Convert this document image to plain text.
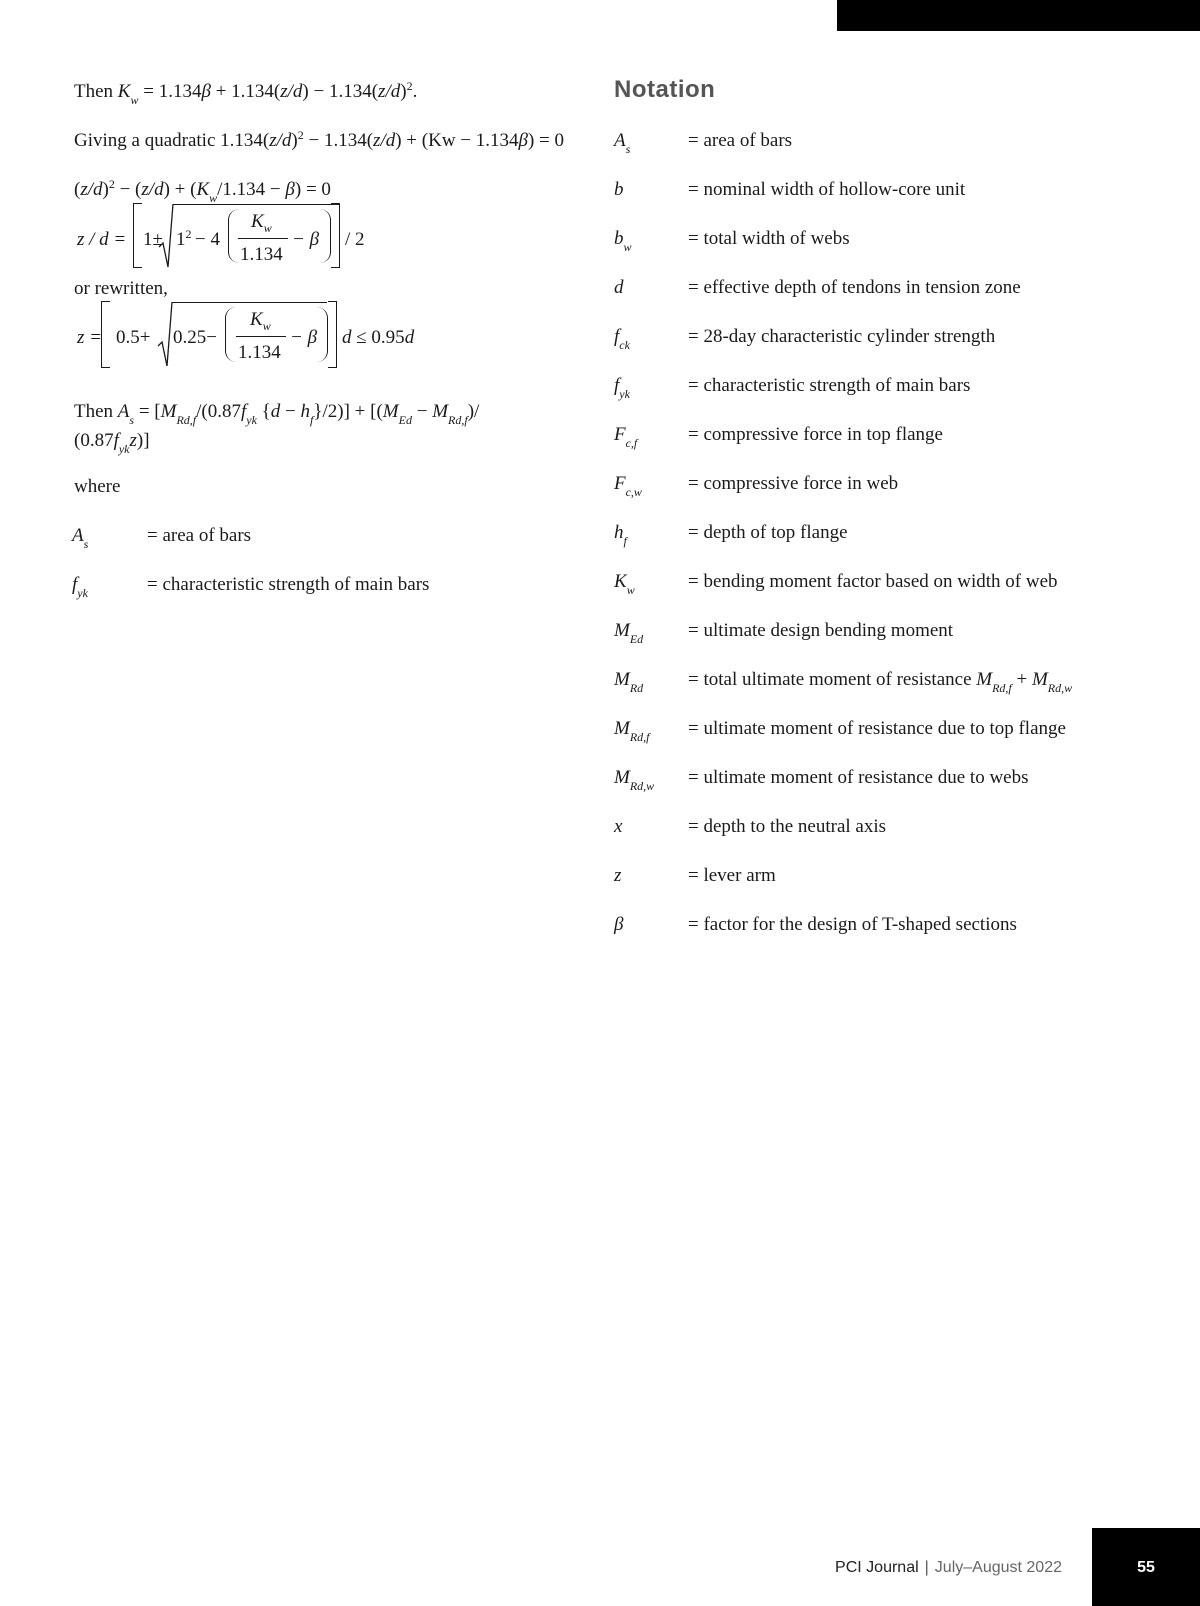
Then $K_w = 1.134\beta + 1.134(z/d) - 1.134(z/d)^2$.
Giving a quadratic $1.134(z/d)^2 - 1.134(z/d) + (Kw - 1.134\beta) = 0$
$(z/d)^2 - (z/d) + (K_w/1.134 - \beta) = 0$
$z / d = 1\pm 1^2 - 4$
$K_w$
1.134
− β / 2
or rewritten,
z = 0.5+ 0.25−
$K_w$
1.134
− β d ≤ 0.95d
Then $A_s = [M_{Rd,f}/(0.87f_{yk}$ $\{d - h_f\}/2)] + [(M_{Ed} - M_{Rd,f})/$
$(0.87f_{yk}z)$]
where
$A_s$	= area of bars
$f_{yk}$	= characteristic strength of main bars
Notation
$A_s$	= area of bars
b	= nominal width of hollow-core unit
$b_w$	= total width of webs
d	= effective depth of tendons in tension zone
$f_{ck}$	= 28-day characteristic cylinder strength
$f_{yk}$	= characteristic strength of main bars
$F_{c,f}$	= compressive force in top flange
$F_{c,w}$ = compressive force in web
$h_f$	= depth of top flange
$K_w$	= bending moment factor based on width of web
$M_{Ed}$ = ultimate design bending moment
$M_{Rd}$ = total ultimate moment of resistance $M_{Rd,f} + M_{Rd,w}$
$M_{Rd,f}$ = ultimate moment of resistance due to top flange
$M_{Rd,w}$ = ultimate moment of resistance due to webs
x	= depth to the neutral axis
z	= lever arm
β	= factor for the design of T-shaped sections
PCI Journal | July–August 2022	55
